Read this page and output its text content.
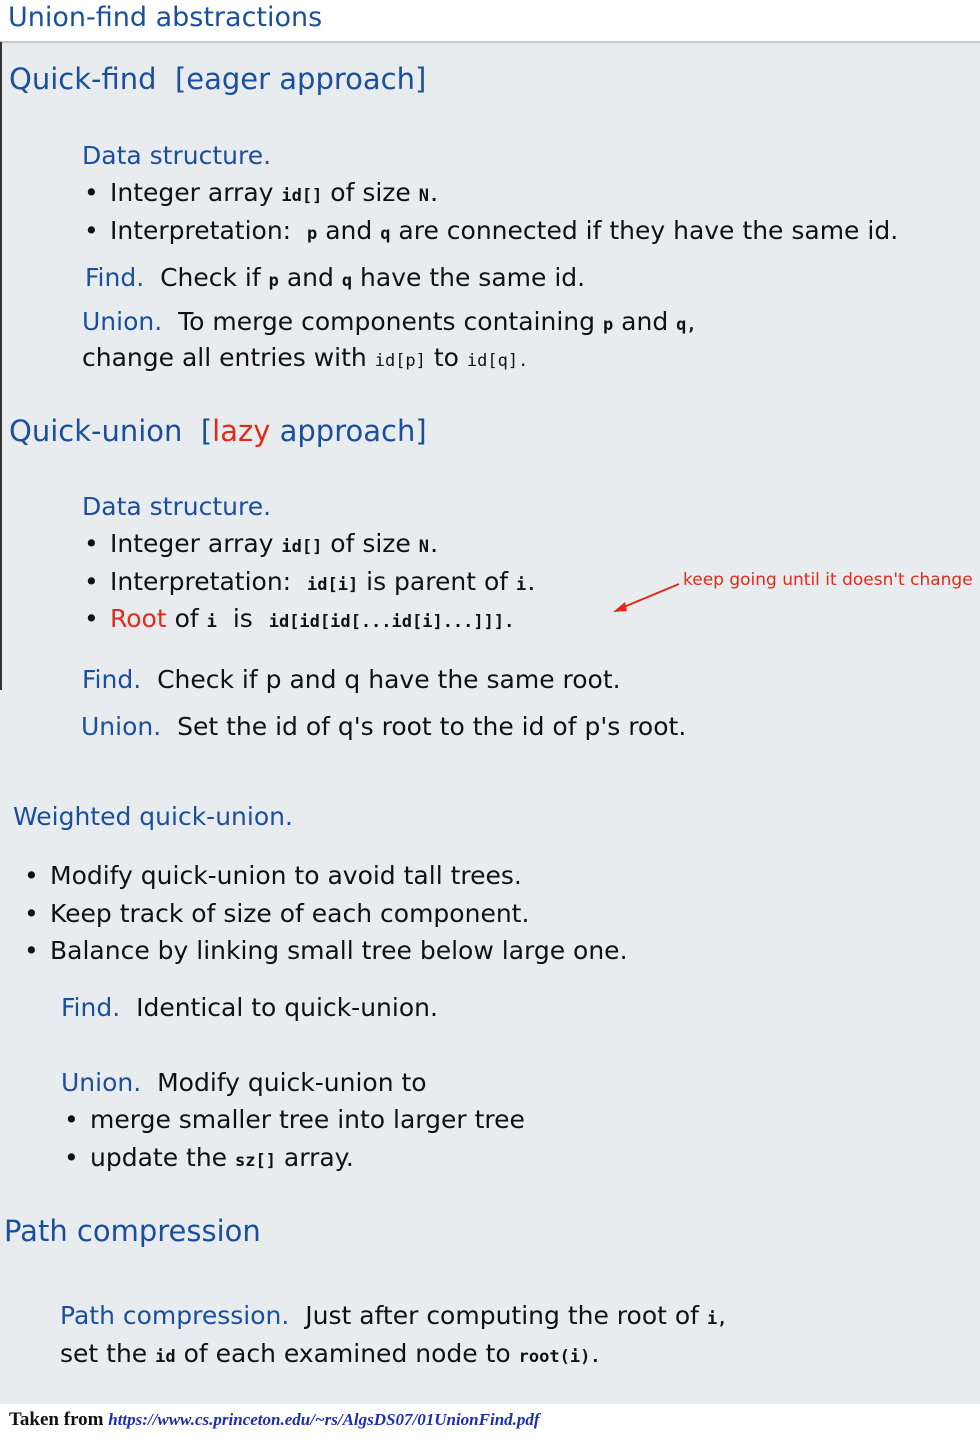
Union-find abstractions
Quick-find [eager approach]
Data structure.
• Integer array id[] of size N.
• Interpretation: p and q are connected if they have the same id.
Find. Check if p and q have the same id.
Union. To merge components containing p and q,
change all entries with id[p] to id[q].
Quick-union [lazy approach]
Data structure.
• Integer array id[] of size N.
• Interpretation: id[i] is parent of i.
• Root of i is id[id[id[...id[i]...]]].
keep going until it doesn't change
Find. Check if p and q have the same root.
Union. Set the id of q's root to the id of p's root.
Weighted quick-union.
• Modify quick-union to avoid tall trees.
• Keep track of size of each component.
• Balance by linking small tree below large one.
Find. Identical to quick-union.
Union. Modify quick-union to
• merge smaller tree into larger tree
• update the sz[] array.
Path compression
Path compression. Just after computing the root of i,
set the id of each examined node to root(i).
Taken from https://www.cs.princeton.edu/~rs/AlgsDS07/01UnionFind.pdf
